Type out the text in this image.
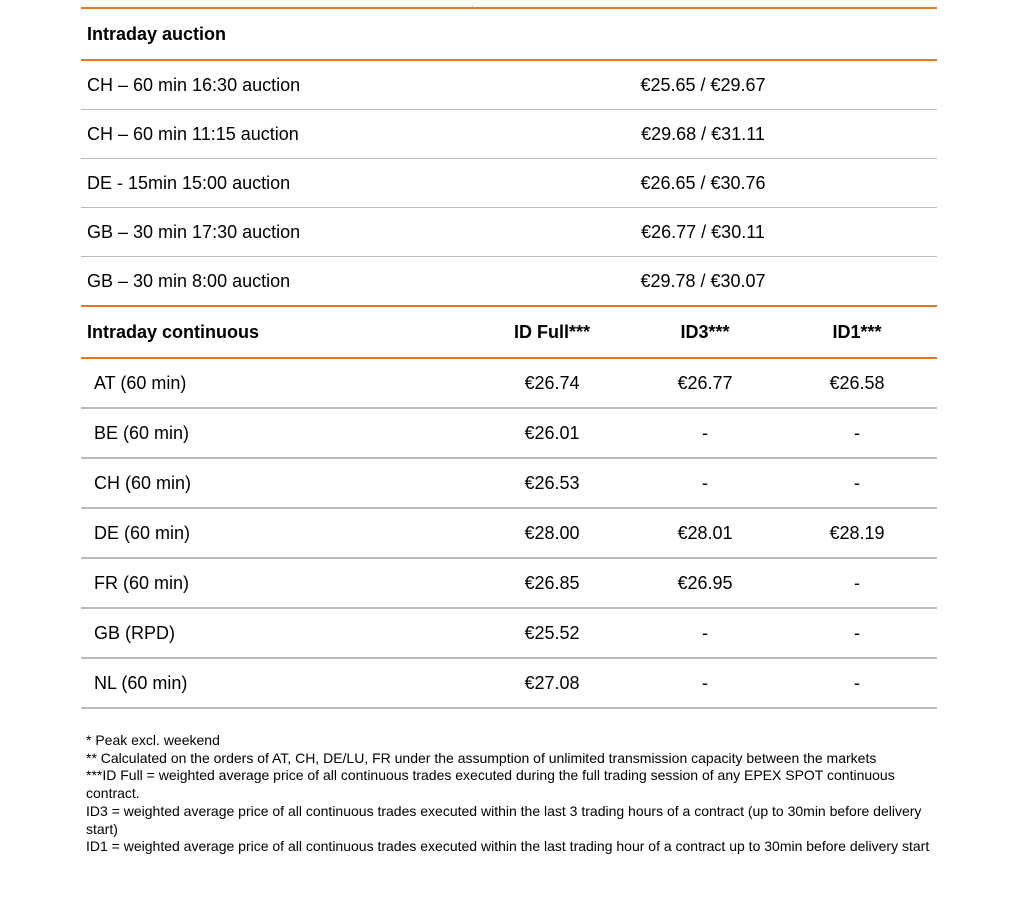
Intraday auction
CH – 60 min 16:30 auction	€25.65 / €29.67
CH – 60 min 11:15 auction	€29.68 / €31.11
DE - 15min 15:00 auction	€26.65 / €30.76
GB – 30 min 17:30 auction	€26.77 / €30.11
GB – 30 min 8:00 auction	€29.78 / €30.07
Intraday continuous	ID Full***	ID3***	ID1***
AT (60 min)	€26.74	€26.77	€26.58
BE (60 min)	€26.01	-	-
CH (60 min)	€26.53	-	-
DE (60 min)	€28.00	€28.01	€28.19
FR (60 min)	€26.85	€26.95	-
GB (RPD)	€25.52	-	-
NL (60 min)	€27.08	-	-
* Peak excl. weekend
** Calculated on the orders of AT, CH, DE/LU, FR under the assumption of unlimited transmission capacity between the markets
***ID Full = weighted average price of all continuous trades executed during the full trading session of any EPEX SPOT continuous contract.
ID3 = weighted average price of all continuous trades executed within the last 3 trading hours of a contract (up to 30min before delivery start)
ID1 = weighted average price of all continuous trades executed within the last trading hour of a contract up to 30min before delivery start
